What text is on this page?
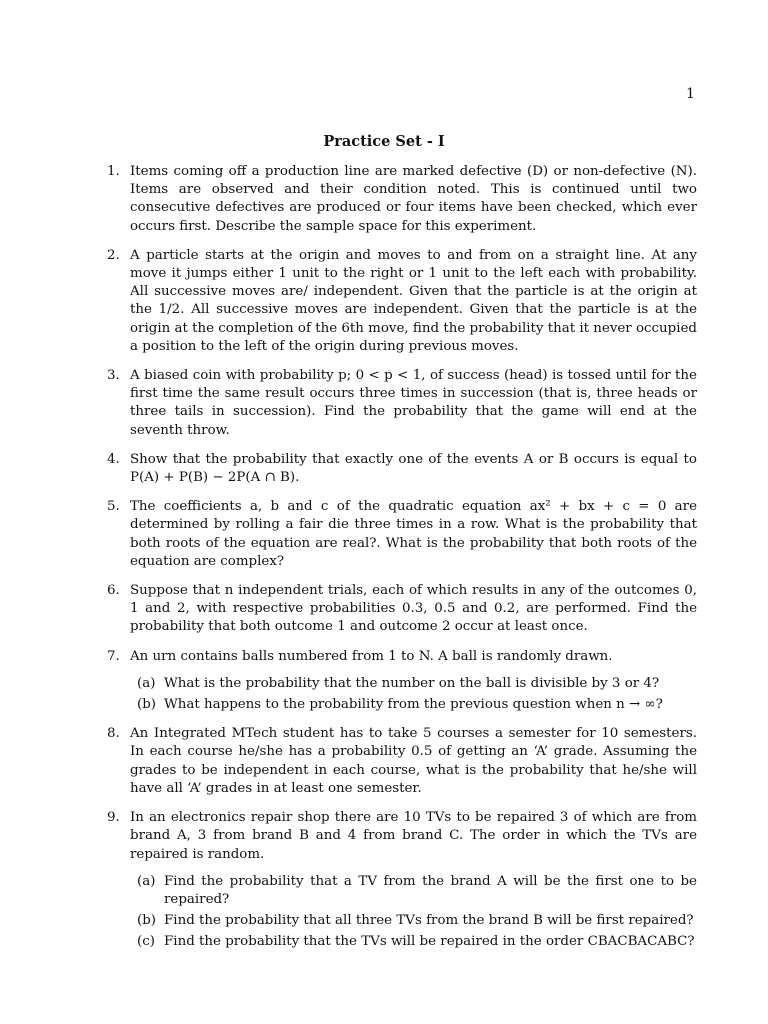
1
Practice Set - I
1. Items coming off a production line are marked defective (D) or non-defective (N). Items are observed and their condition noted. This is continued until two consecutive defectives are produced or four items have been checked, which ever occurs first. Describe the sample space for this experiment.
2. A particle starts at the origin and moves to and from on a straight line. At any move it jumps either 1 unit to the right or 1 unit to the left each with probability. All successive moves are/ independent. Given that the particle is at the origin at the 1/2. All successive moves are independent. Given that the particle is at the origin at the completion of the 6th move, find the probability that it never occupied a position to the left of the origin during previous moves.
3. A biased coin with probability p; 0 < p < 1, of success (head) is tossed until for the first time the same result occurs three times in succession (that is, three heads or three tails in succession). Find the probability that the game will end at the seventh throw.
4. Show that the probability that exactly one of the events A or B occurs is equal to P(A) + P(B) − 2P(A ∩ B).
5. The coefficients a, b and c of the quadratic equation ax² + bx + c = 0 are determined by rolling a fair die three times in a row. What is the probability that both roots of the equation are real?. What is the probability that both roots of the equation are complex?
6. Suppose that n independent trials, each of which results in any of the outcomes 0, 1 and 2, with respective probabilities 0.3, 0.5 and 0.2, are performed. Find the probability that both outcome 1 and outcome 2 occur at least once.
7. An urn contains balls numbered from 1 to N. A ball is randomly drawn.
(a) What is the probability that the number on the ball is divisible by 3 or 4?
(b) What happens to the probability from the previous question when n → ∞?
8. An Integrated MTech student has to take 5 courses a semester for 10 semesters. In each course he/she has a probability 0.5 of getting an ‘A’ grade. Assuming the grades to be independent in each course, what is the probability that he/she will have all ‘A’ grades in at least one semester.
9. In an electronics repair shop there are 10 TVs to be repaired 3 of which are from brand A, 3 from brand B and 4 from brand C. The order in which the TVs are repaired is random.
(a) Find the probability that a TV from the brand A will be the first one to be repaired?
(b) Find the probability that all three TVs from the brand B will be first repaired?
(c) Find the probability that the TVs will be repaired in the order CBACBACABC?
